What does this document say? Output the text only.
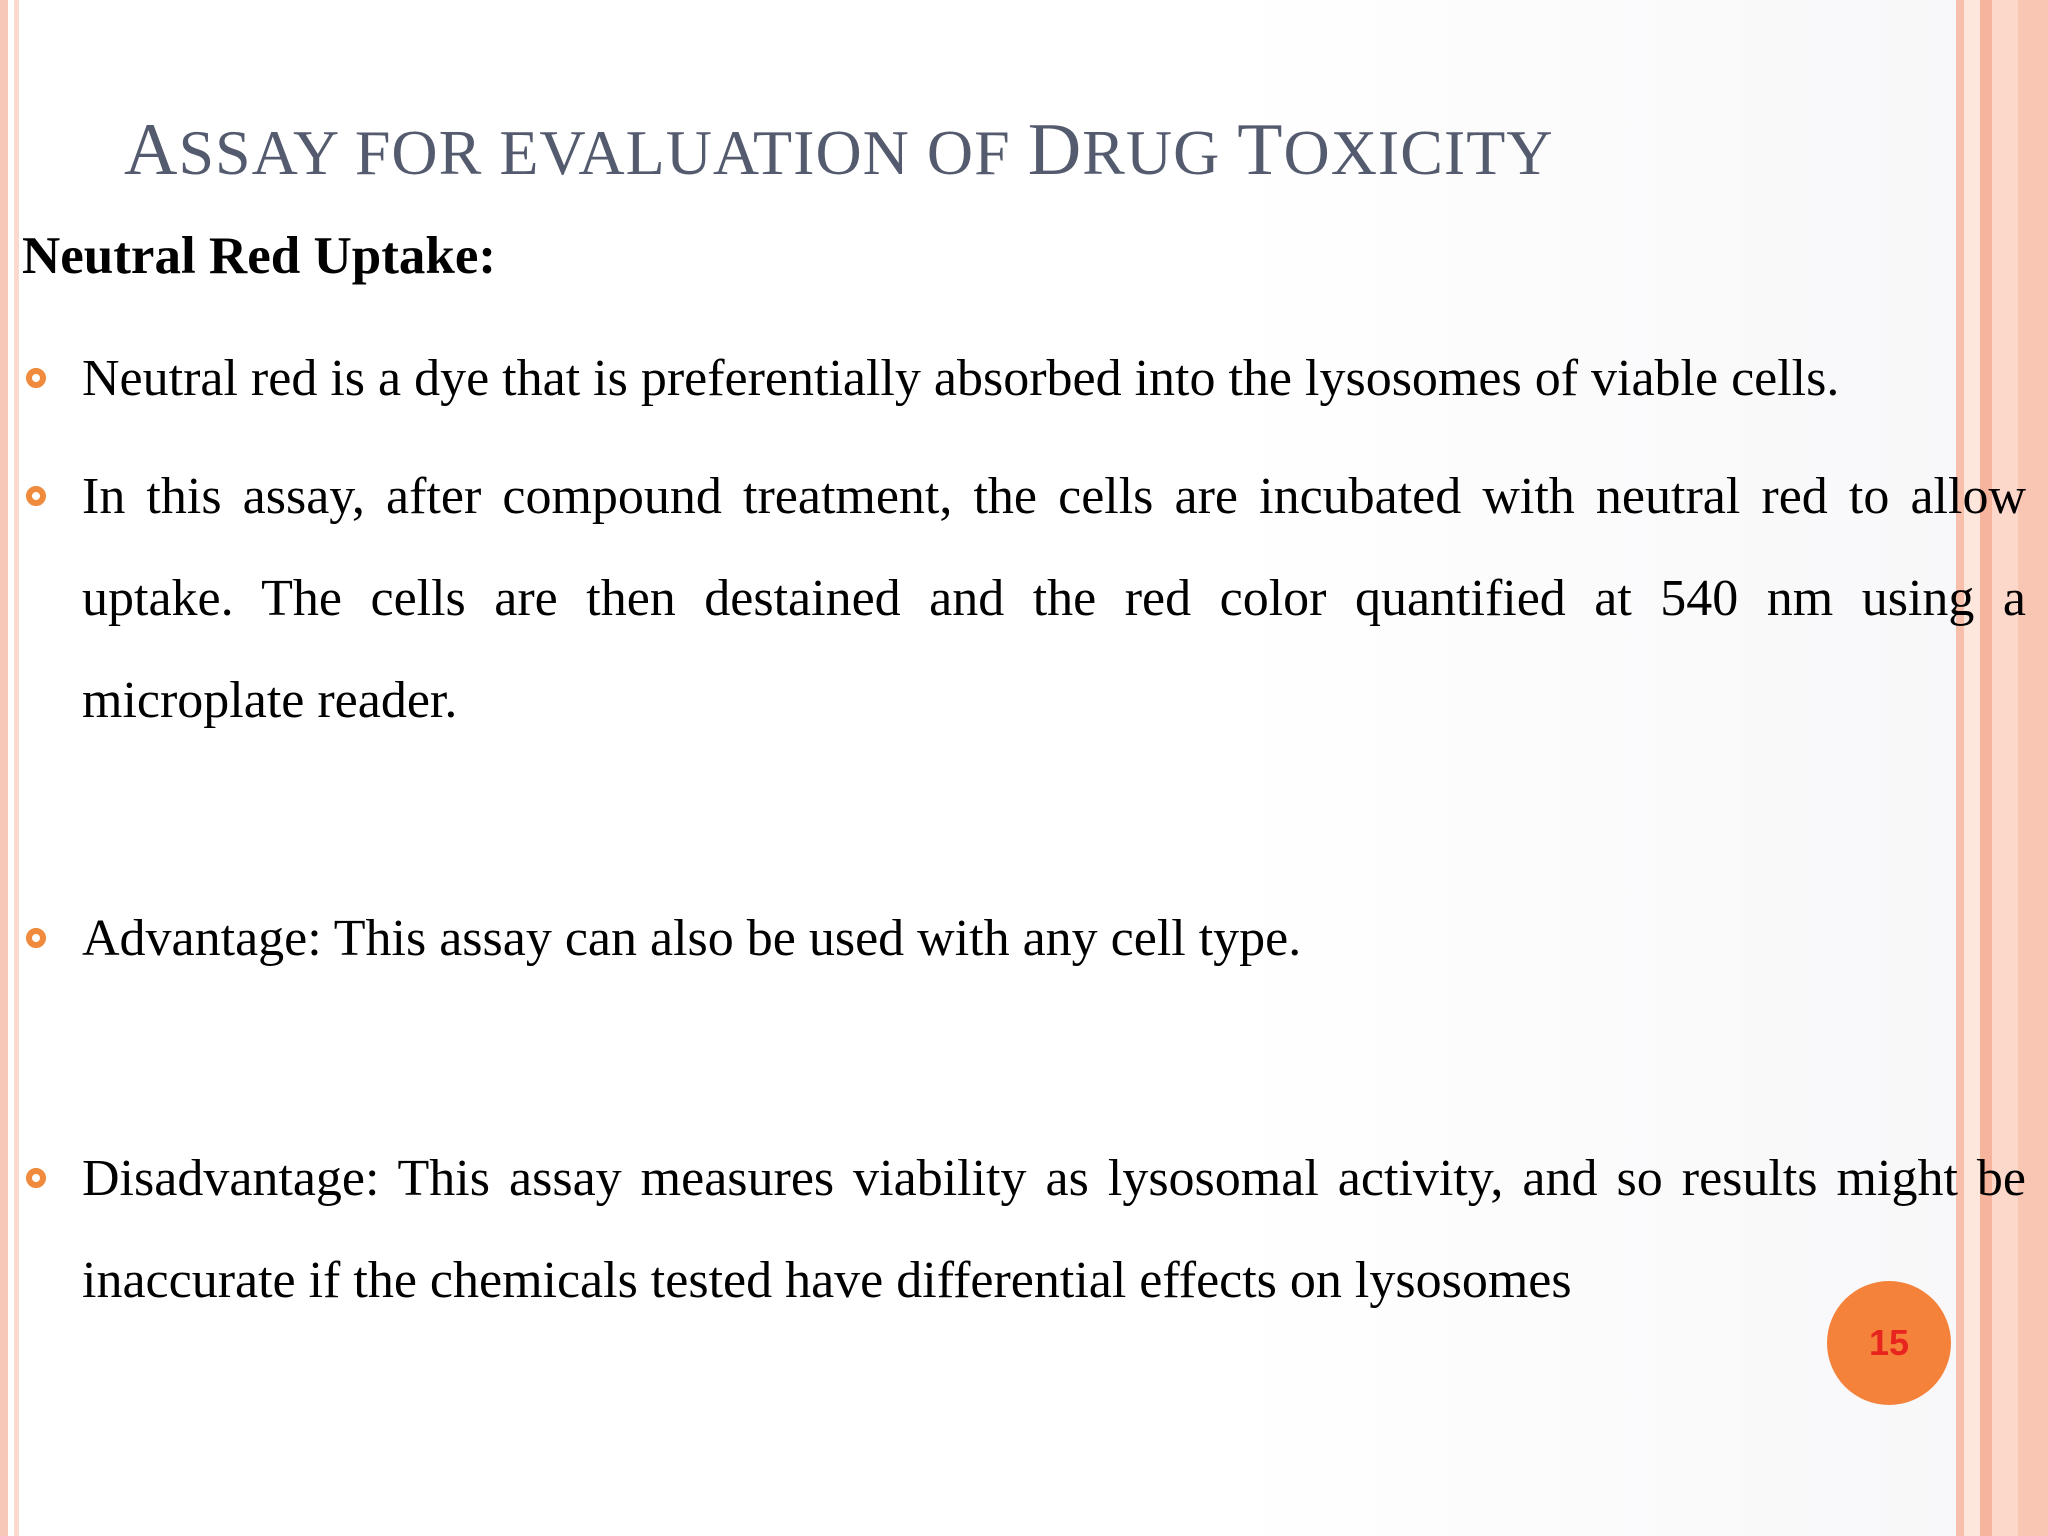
ASSAY FOR EVALUATION OF DRUG TOXICITY
Neutral Red Uptake:

Neutral red is a dye that is preferentially absorbed into the lysosomes of viable cells.

In this assay, after compound treatment, the cells are incubated with neutral red to allow uptake. The cells are then destained and the red color quantified at 540 nm using a microplate reader.

Advantage: This assay can also be used with any cell type.

Disadvantage: This assay measures viability as lysosomal activity, and so results might be inaccurate if the chemicals tested have differential effects on lysosomes

15
